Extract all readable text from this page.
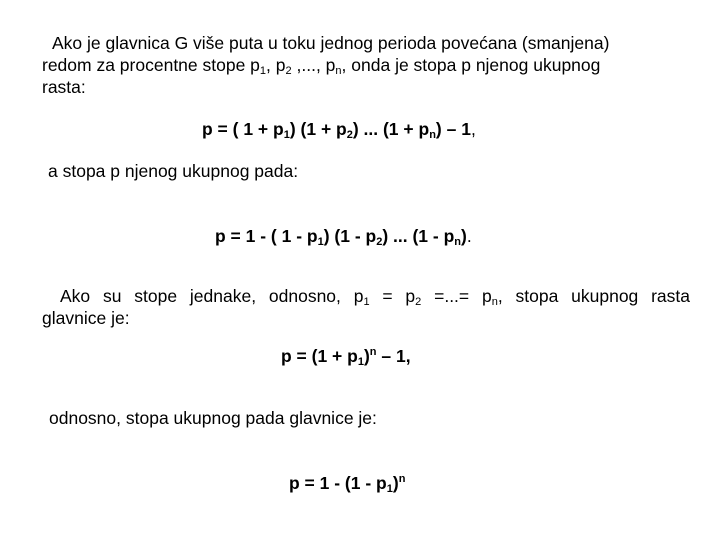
Ako je glavnica G više puta u toku jednog perioda povećana (smanjena)
redom za procentne stope $p_1$, $p_2$ ,..., $p_n$, onda je stopa p njenog ukupnog
rasta:
p = ( $1 + p_1$) $(1 + p_2)$ ... $(1 + p_n) - 1$,
a stopa p njenog ukupnog pada:
p = 1 - ( $1 - p_1$) $(1 - p_2)$ ... $(1 - p_n)$.
Ako su stope jednake, odnosno, $p_1 = p_2$ =...= $p_n$, stopa ukupnog rasta
glavnice je:
$p = (1 + p_1)^n - 1$,
odnosno, stopa ukupnog pada glavnice je:
$p = 1 - (1 - p_1)^n$
